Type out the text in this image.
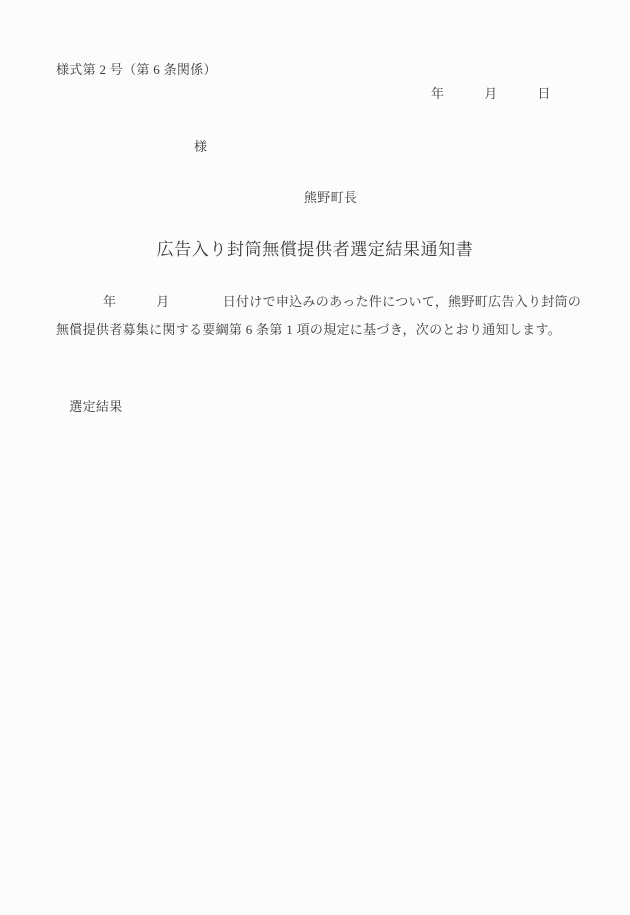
様式第 2 号（第 6 条関係）
年　　　月　　　日
様
熊野町長
広告入り封筒無償提供者選定結果通知書
年　　　月　　　　日付けで申込みのあった件について，熊野町広告入り封筒の
無償提供者募集に関する要綱第 6 条第 1 項の規定に基づき，次のとおり通知します。
　選定結果
